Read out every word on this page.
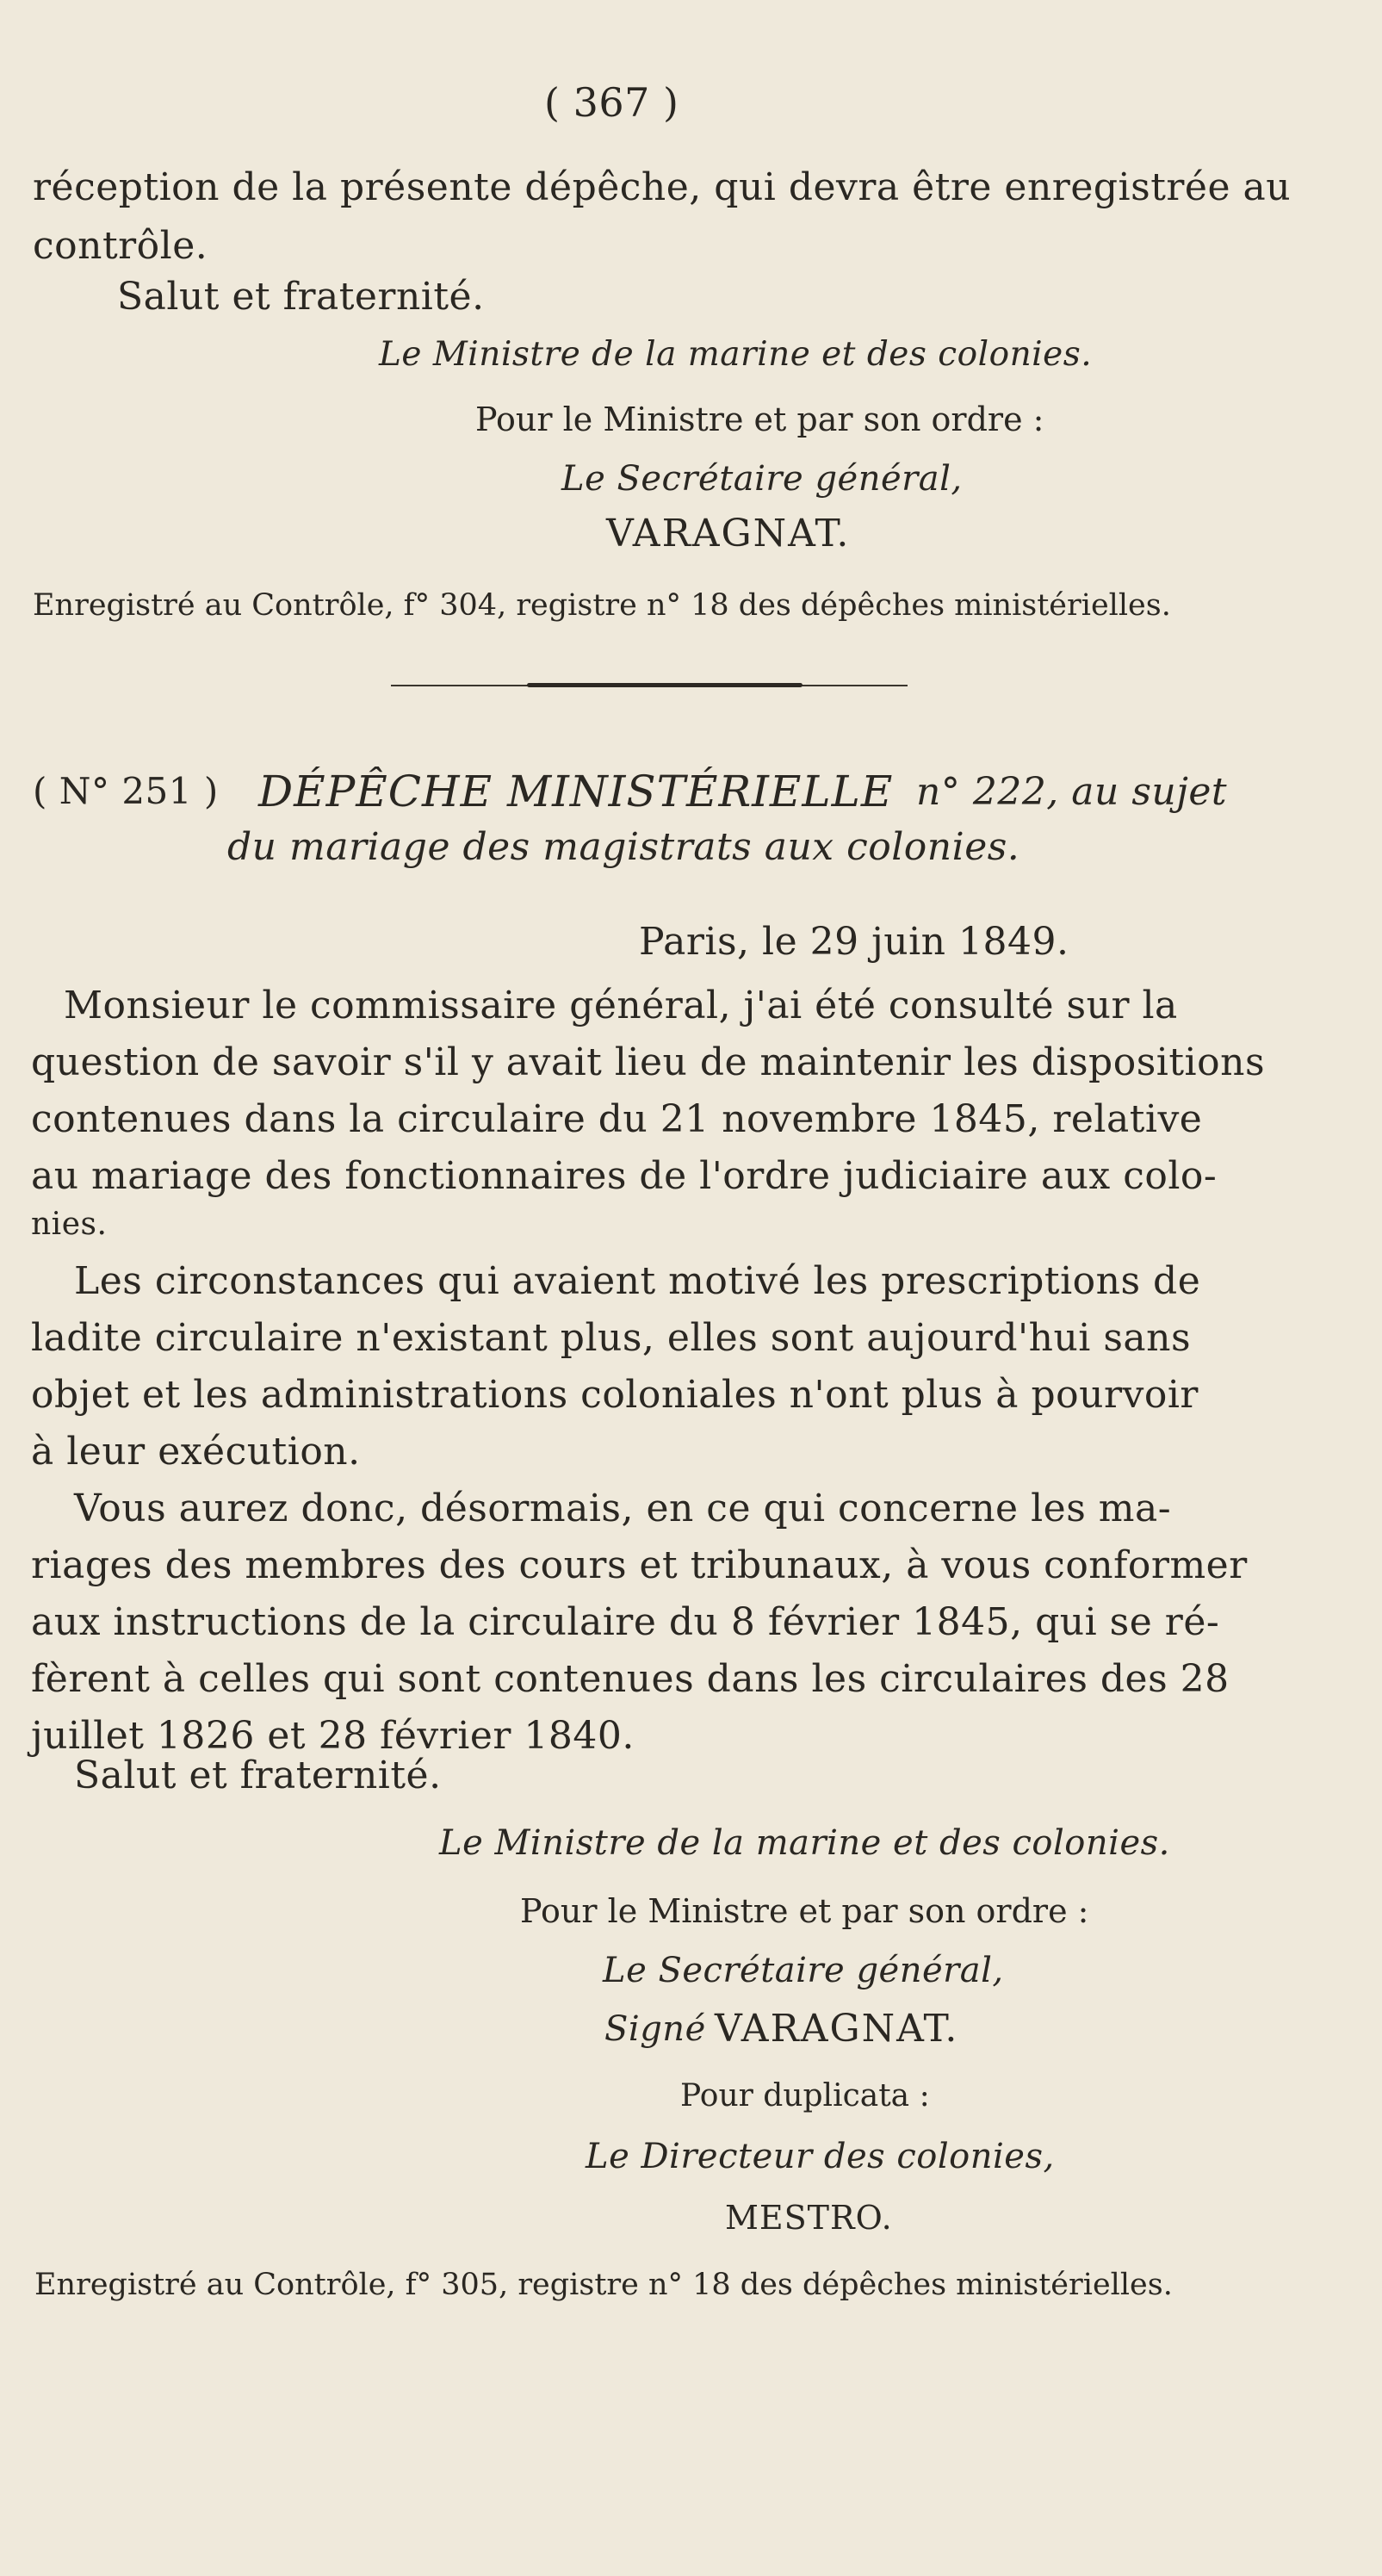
( 367 )
réception de la présente dépêche, qui devra être enregistrée au
contrôle.
Salut et fraternité.
Le Ministre de la marine et des colonies.
Pour le Ministre et par son ordre :
Le Secrétaire général,
VARAGNAT.
Enregistré au Contrôle, f° 304, registre n° 18 des dépêches ministérielles.
( N° 251 ) DÉPÊCHE MINISTÉRIELLE n° 222, au sujet
du mariage des magistrats aux colonies.
Paris, le 29 juin 1849.
Monsieur le commissaire général, j'ai été consulté sur la
question de savoir s'il y avait lieu de maintenir les dispositions
contenues dans la circulaire du 21 novembre 1845, relative
au mariage des fonctionnaires de l'ordre judiciaire aux colo-
nies.
Les circonstances qui avaient motivé les prescriptions de
ladite circulaire n'existant plus, elles sont aujourd'hui sans
objet et les administrations coloniales n'ont plus à pourvoir
à leur exécution.
Vous aurez donc, désormais, en ce qui concerne les ma-
riages des membres des cours et tribunaux, à vous conformer
aux instructions de la circulaire du 8 février 1845, qui se ré-
fèrent à celles qui sont contenues dans les circulaires des 28
juillet 1826 et 28 février 1840.
Salut et fraternité.
Le Ministre de la marine et des colonies.
Pour le Ministre et par son ordre :
Le Secrétaire général,
Signé VARAGNAT.
Pour duplicata :
Le Directeur des colonies,
MESTRO.
Enregistré au Contrôle, f° 305, registre n° 18 des dépêches ministérielles.
